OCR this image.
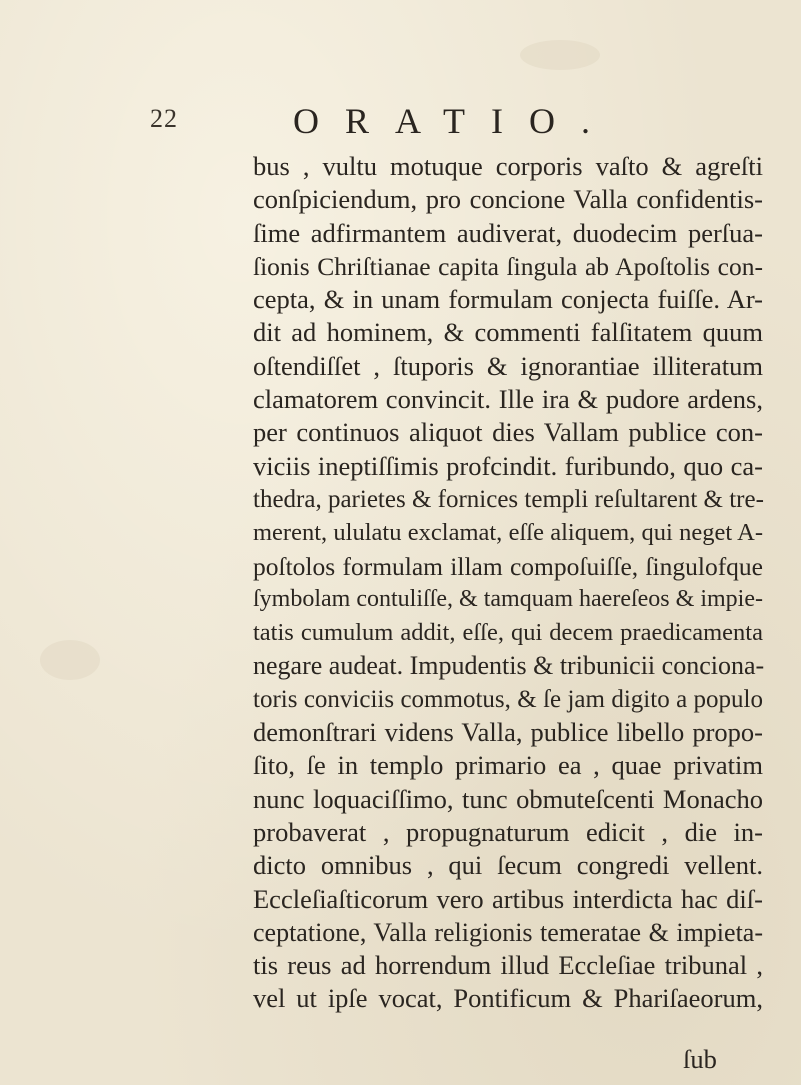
22	ORATIO.
bus , vultu motuque corporis vaſto & agreſti
conſpiciendum, pro concione Valla confidentis-
ſime adfirmantem audiverat, duodecim perſua-
ſionis Chriſtianae capita ſingula ab Apoſtolis con-
cepta, & in unam formulam conjecta fuiſſe. Ar-
dit ad hominem, & commenti falſitatem quum
oſtendiſſet , ſtuporis & ignorantiae illiteratum
clamatorem convincit. Ille ira & pudore ardens,
per continuos aliquot dies Vallam publice con-
viciis ineptiſſimis profcindit. furibundo, quo ca-
thedra, parietes & fornices templi reſultarent & tre-
merent, ululatu exclamat, eſſe aliquem, qui neget A-
poſtolos formulam illam compoſuiſſe, ſingulofque
ſymbolam contuliſſe, & tamquam haereſeos & impie-
tatis cumulum addit, eſſe, qui decem praedicamenta
negare audeat. Impudentis & tribunicii conciona-
toris conviciis commotus, & ſe jam digito a populo
demonſtrari videns Valla, publice libello propo-
ſito, ſe in templo primario ea , quae privatim
nunc loquaciſſimo, tunc obmuteſcenti Monacho
probaverat , propugnaturum edicit , die in-
dicto omnibus , qui ſecum congredi vellent.
Eccleſiaſticorum vero artibus interdicta hac diſ-
ceptatione, Valla religionis temeratae & impieta-
tis reus ad horrendum illud Eccleſiae tribunal ,
vel ut ipſe vocat, Pontificum & Phariſaeorum,
ſub
